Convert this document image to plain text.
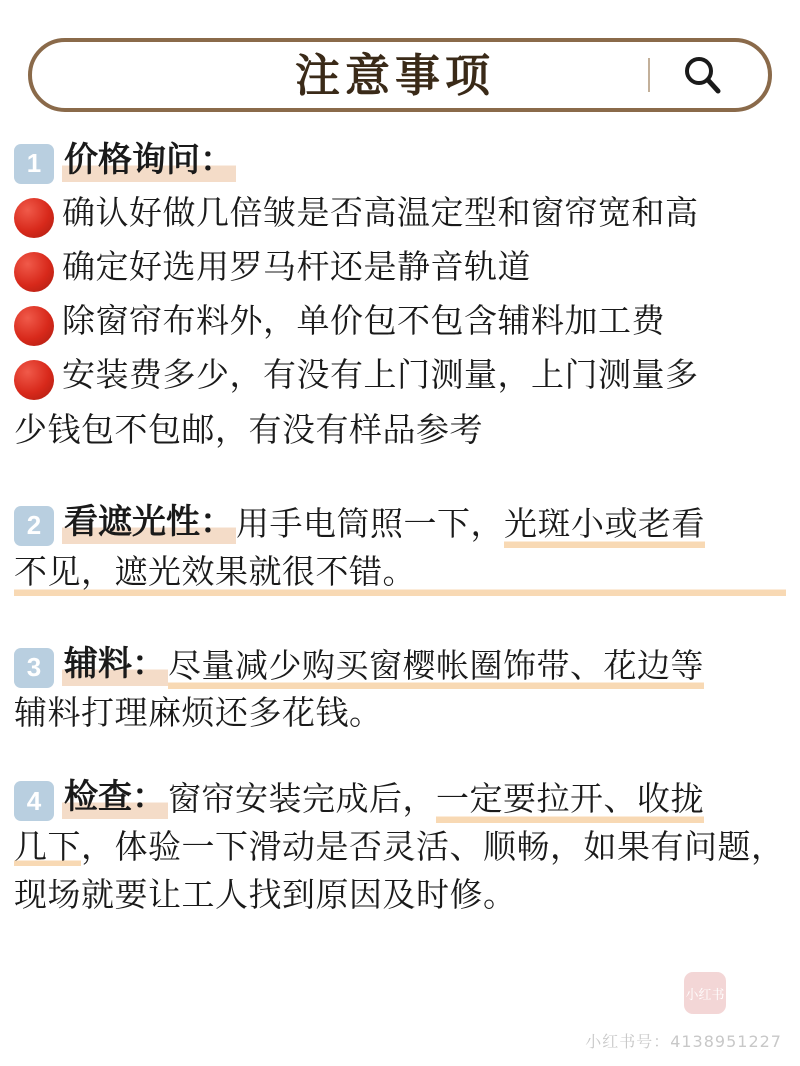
注意事项
1 价格询问：
确认好做几倍皱是否高温定型和窗帘宽和高
确定好选用罗马杆还是静音轨道
除窗帘布料外，单价包不包含辅料加工费
安装费多少，有没有上门测量，上门测量多
少钱包不包邮，有没有样品参考
2 看遮光性： 用手电筒照一下， 光斑小或老看
不见，遮光效果就很不错。
3 辅料： 尽量减少购买窗樱帐圈饰带、花边等
辅料打理麻烦还多花钱。
4 检查： 窗帘安装完成后， 一定要拉开、收拢
几下，体验一下滑动是否灵活、顺畅，如果有问题，现场就要让工人找到原因及时修。
小红书
小红书号：4138951227
